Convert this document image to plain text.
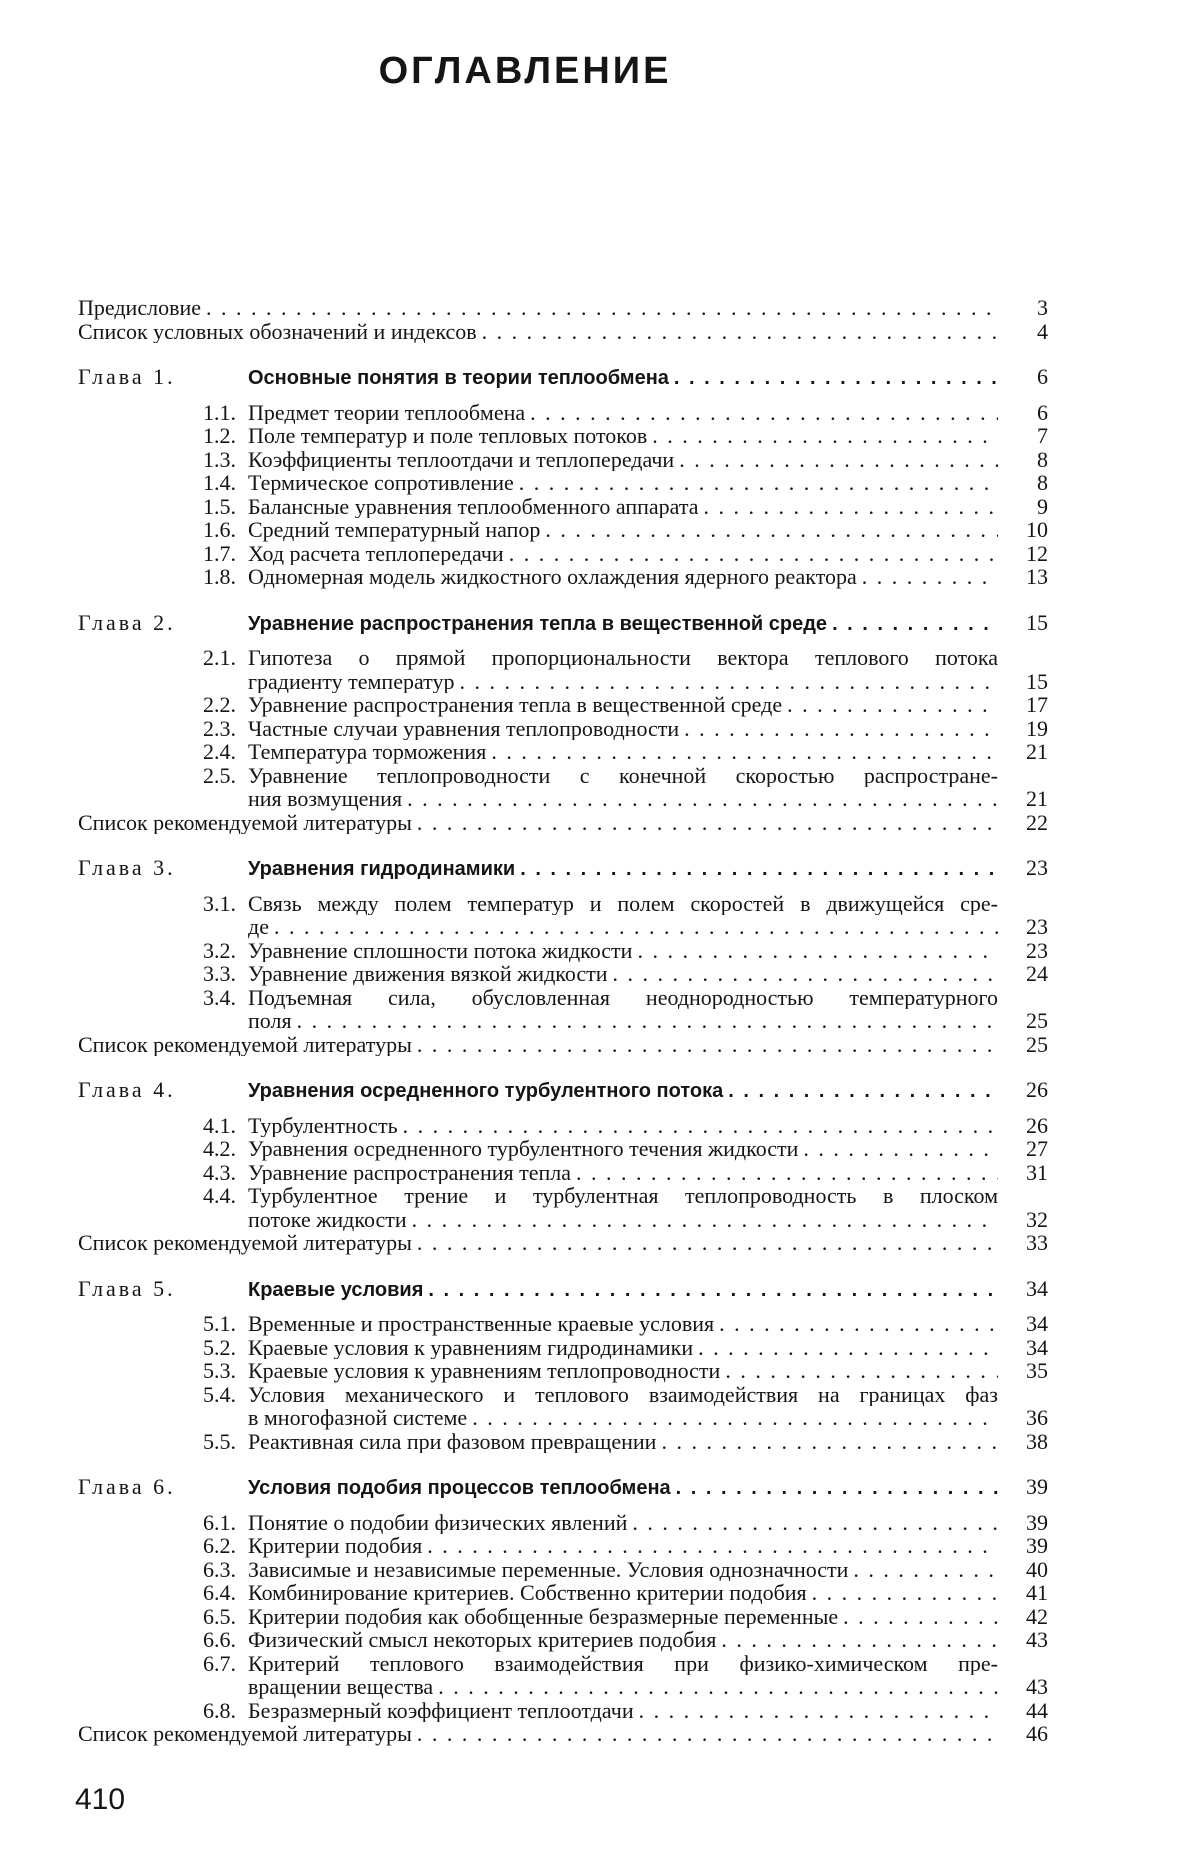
ОГЛАВЛЕНИЕ
Предисловие . . .	3
Список условных обозначений и индексов . . .	4
Глава 1.	Основные понятия в теории теплообмена . . .	6
1.1. Предмет теории теплообмена . . .	6
1.2. Поле температур и поле тепловых потоков . . .	7
1.3. Коэффициенты теплоотдачи и теплопередачи . . .	8
1.4. Термическое сопротивление . . .	8
1.5. Балансные уравнения теплообменного аппарата . . .	9
1.6. Средний температурный напор . . .	10
1.7. Ход расчета теплопередачи . . .	12
1.8. Одномерная модель жидкостного охлаждения ядерного реактора . . .	13
Глава 2.	Уравнение распространения тепла в вещественной среде . . .	15
2.1. Гипотеза о прямой пропорциональности вектора теплового потока
градиенту температур . . .	15
2.2. Уравнение распространения тепла в вещественной среде . . .	17
2.3. Частные случаи уравнения теплопроводности . . .	19
2.4. Температура торможения . . .	21
2.5. Уравнение теплопроводности с конечной скоростью распростране-
ния возмущения . . .	21
Список рекомендуемой литературы . . .	22
Глава 3.	Уравнения гидродинамики . . .	23
3.1. Связь между полем температур и полем скоростей в движущейся сре-
де . . .	23
3.2. Уравнение сплошности потока жидкости . . .	23
3.3. Уравнение движения вязкой жидкости . . .	24
3.4. Подъемная сила, обусловленная неоднородностью температурного
поля . . .	25
Список рекомендуемой литературы . . .	25
Глава 4.	Уравнения осредненного турбулентного потока . . .	26
4.1. Турбулентность . . .	26
4.2. Уравнения осредненного турбулентного течения жидкости . . .	27
4.3. Уравнение распространения тепла . . .	31
4.4. Турбулентное трение и турбулентная теплопроводность в плоском
потоке жидкости . . .	32
Список рекомендуемой литературы . . .	33
Глава 5.	Краевые условия . . .	34
5.1. Временные и пространственные краевые условия . . .	34
5.2. Краевые условия к уравнениям гидродинамики . . .	34
5.3. Краевые условия к уравнениям теплопроводности . . .	35
5.4. Условия механического и теплового взаимодействия на границах фаз
в многофазной системе . . .	36
5.5. Реактивная сила при фазовом превращении . . .	38
Глава 6.	Условия подобия процессов теплообмена . . .	39
6.1. Понятие о подобии физических явлений . . .	39
6.2. Критерии подобия . . .	39
6.3. Зависимые и независимые переменные. Условия однозначности . . .	40
6.4. Комбинирование критериев. Собственно критерии подобия . . .	41
6.5. Критерии подобия как обобщенные безразмерные переменные . . .	42
6.6. Физический смысл некоторых критериев подобия . . .	43
6.7. Критерий теплового взаимодействия при физико-химическом пре-
вращении вещества . . .	43
6.8. Безразмерный коэффициент теплоотдачи . . .	44
Список рекомендуемой литературы . . .	46
410
